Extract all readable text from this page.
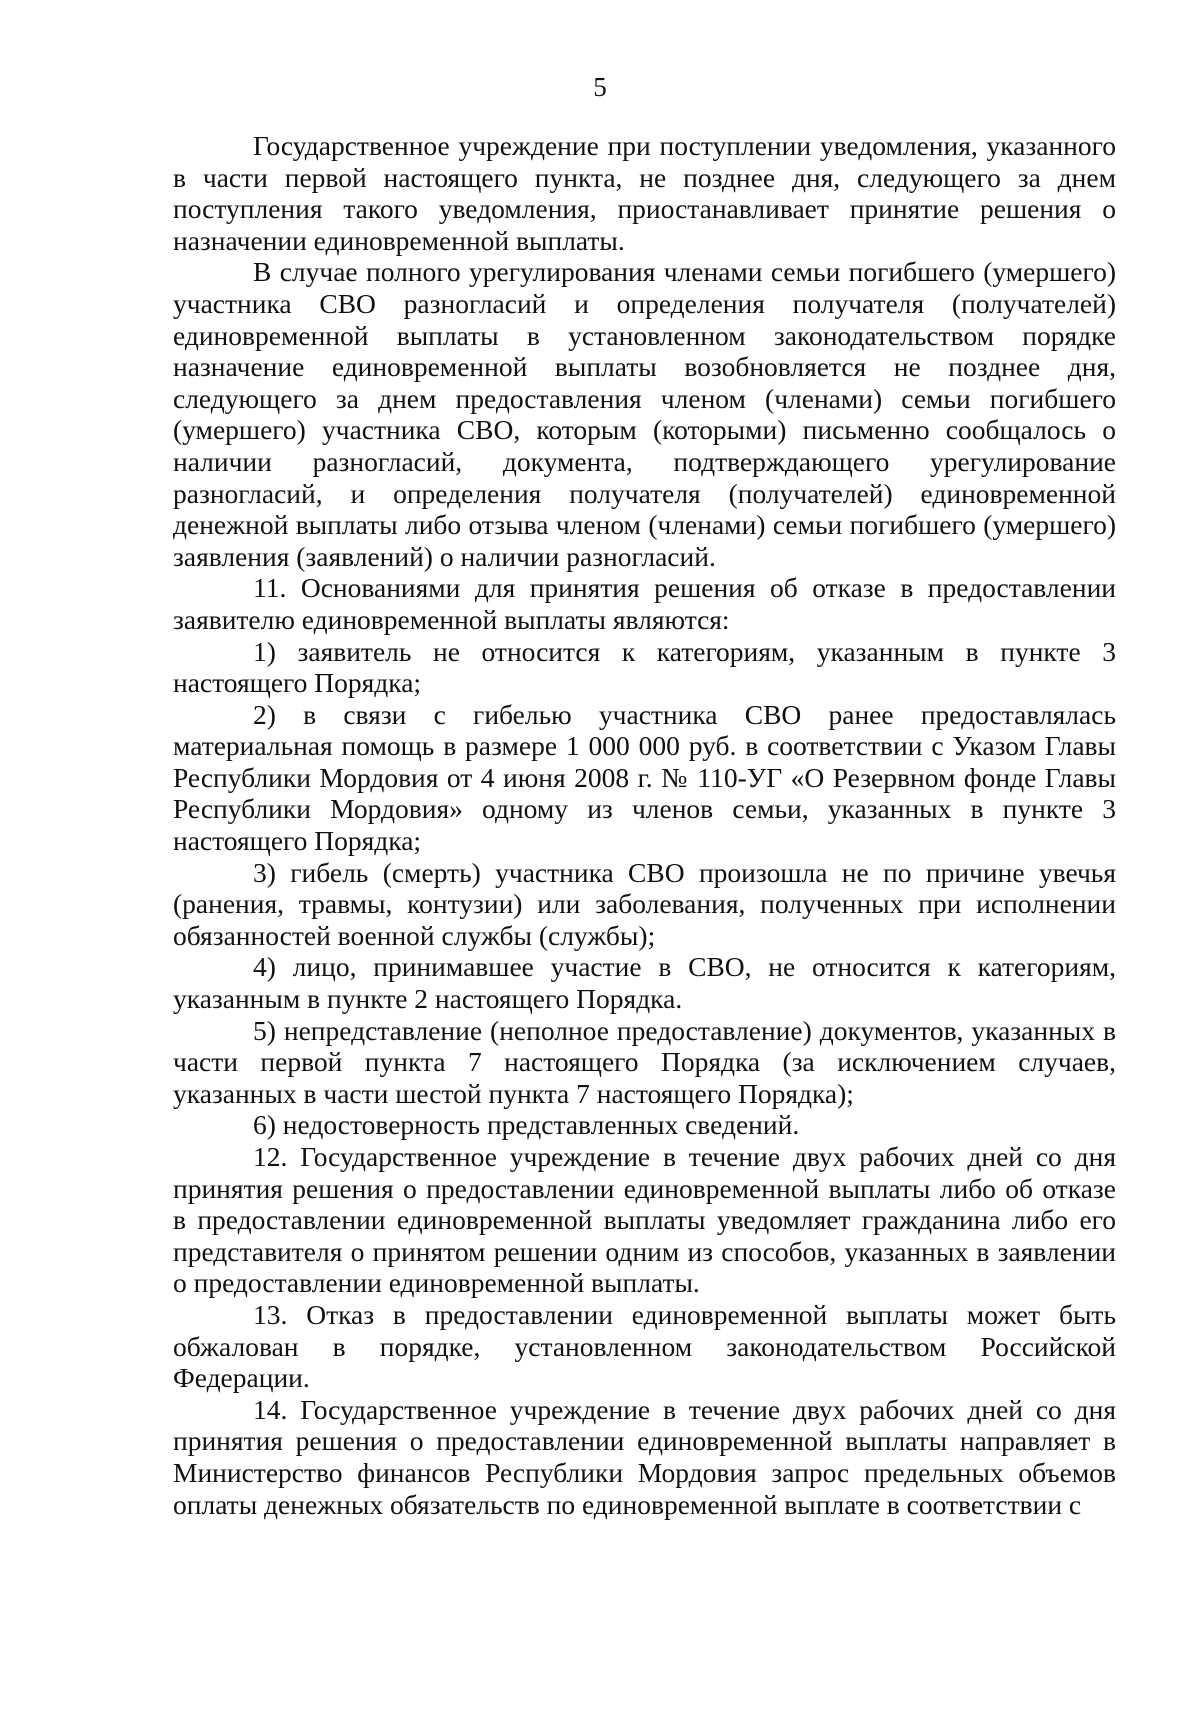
5

Государственное учреждение при поступлении уведомления, указанного в части первой настоящего пункта, не позднее дня, следующего за днем поступления такого уведомления, приостанавливает принятие решения о назначении единовременной выплаты.

В случае полного урегулирования членами семьи погибшего (умершего) участника СВО разногласий и определения получателя (получателей) единовременной выплаты в установленном законодательством порядке назначение единовременной выплаты возобновляется не позднее дня, следующего за днем предоставления членом (членами) семьи погибшего (умершего) участника СВО, которым (которыми) письменно сообщалось о наличии разногласий, документа, подтверждающего урегулирование разногласий, и определения получателя (получателей) единовременной денежной выплаты либо отзыва членом (членами) семьи погибшего (умершего) заявления (заявлений) о наличии разногласий.

11. Основаниями для принятия решения об отказе в предоставлении заявителю единовременной выплаты являются:

1) заявитель не относится к категориям, указанным в пункте 3 настоящего Порядка;

2) в связи с гибелью участника СВО ранее предоставлялась материальная помощь в размере 1 000 000 руб. в соответствии с Указом Главы Республики Мордовия от 4 июня 2008 г. № 110-УГ «О Резервном фонде Главы Республики Мордовия» одному из членов семьи, указанных в пункте 3 настоящего Порядка;

3) гибель (смерть) участника СВО произошла не по причине увечья (ранения, травмы, контузии) или заболевания, полученных при исполнении обязанностей военной службы (службы);

4) лицо, принимавшее участие в СВО, не относится к категориям, указанным в пункте 2 настоящего Порядка.

5) непредставление (неполное предоставление) документов, указанных в части первой пункта 7 настоящего Порядка (за исключением случаев, указанных в части шестой пункта 7 настоящего Порядка);

6) недостоверность представленных сведений.

12. Государственное учреждение в течение двух рабочих дней со дня принятия решения о предоставлении единовременной выплаты либо об отказе в предоставлении единовременной выплаты уведомляет гражданина либо его представителя о принятом решении одним из способов, указанных в заявлении о предоставлении единовременной выплаты.

13. Отказ в предоставлении единовременной выплаты может быть обжалован в порядке, установленном законодательством Российской Федерации.

14. Государственное учреждение в течение двух рабочих дней со дня принятия решения о предоставлении единовременной выплаты направляет в Министерство финансов Республики Мордовия запрос предельных объемов оплаты денежных обязательств по единовременной выплате в соответствии с
